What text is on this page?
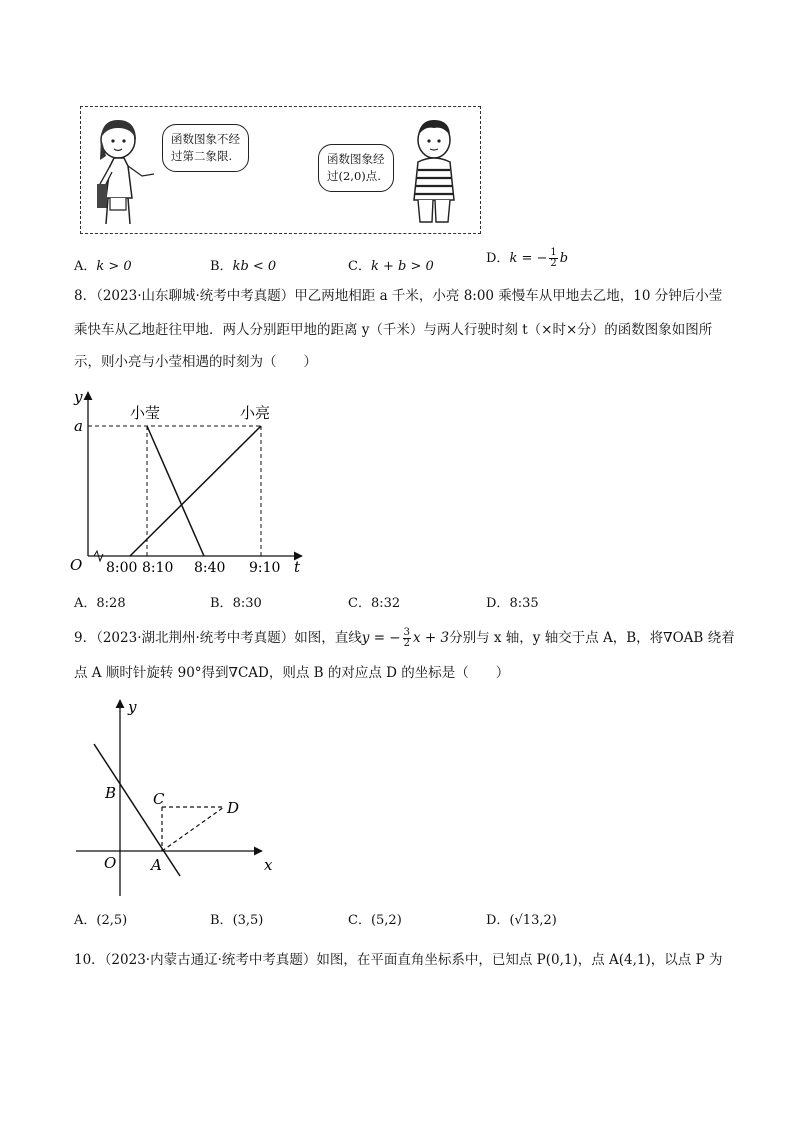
函数图象不经
过第二象限.	函数图象经
过(2,0)点.
A．k > 0	B．kb < 0	C．k + b > 0
D．k = − $\frac{1}{2}$ b
8．（2023·山东聊城·统考中考真题）甲乙两地相距 a 千米，小亮 8:00 乘慢车从甲地去乙地，10 分钟后小莹
乘快车从乙地赶往甲地．两人分别距甲地的距离 y（千米）与两人行驶时刻 t（×时×分）的函数图象如图所
示，则小亮与小莹相遇的时刻为（　　）
y
t
O
a
小莹	小亮
8:00 8:10 8:40 9:10
A．8:28	B．8:30	C．8:32	D．8:35
9．（2023·湖北荆州·统考中考真题）如图，直线y = − $\frac{3}{2}$ x + 3分别与 x 轴，y 轴交于点 A，B，将∇OAB 绕着
点 A 顺时针旋转 90°得到∇CAD，则点 B 的对应点 D 的坐标是（　　）
y
x
O A
B C	D
A．(2,5)	B．(3,5)	C．(5,2)	D．(√13,2)
10．（2023·内蒙古通辽·统考中考真题）如图，在平面直角坐标系中，已知点 P(0,1)，点 A(4,1)，以点 P 为
